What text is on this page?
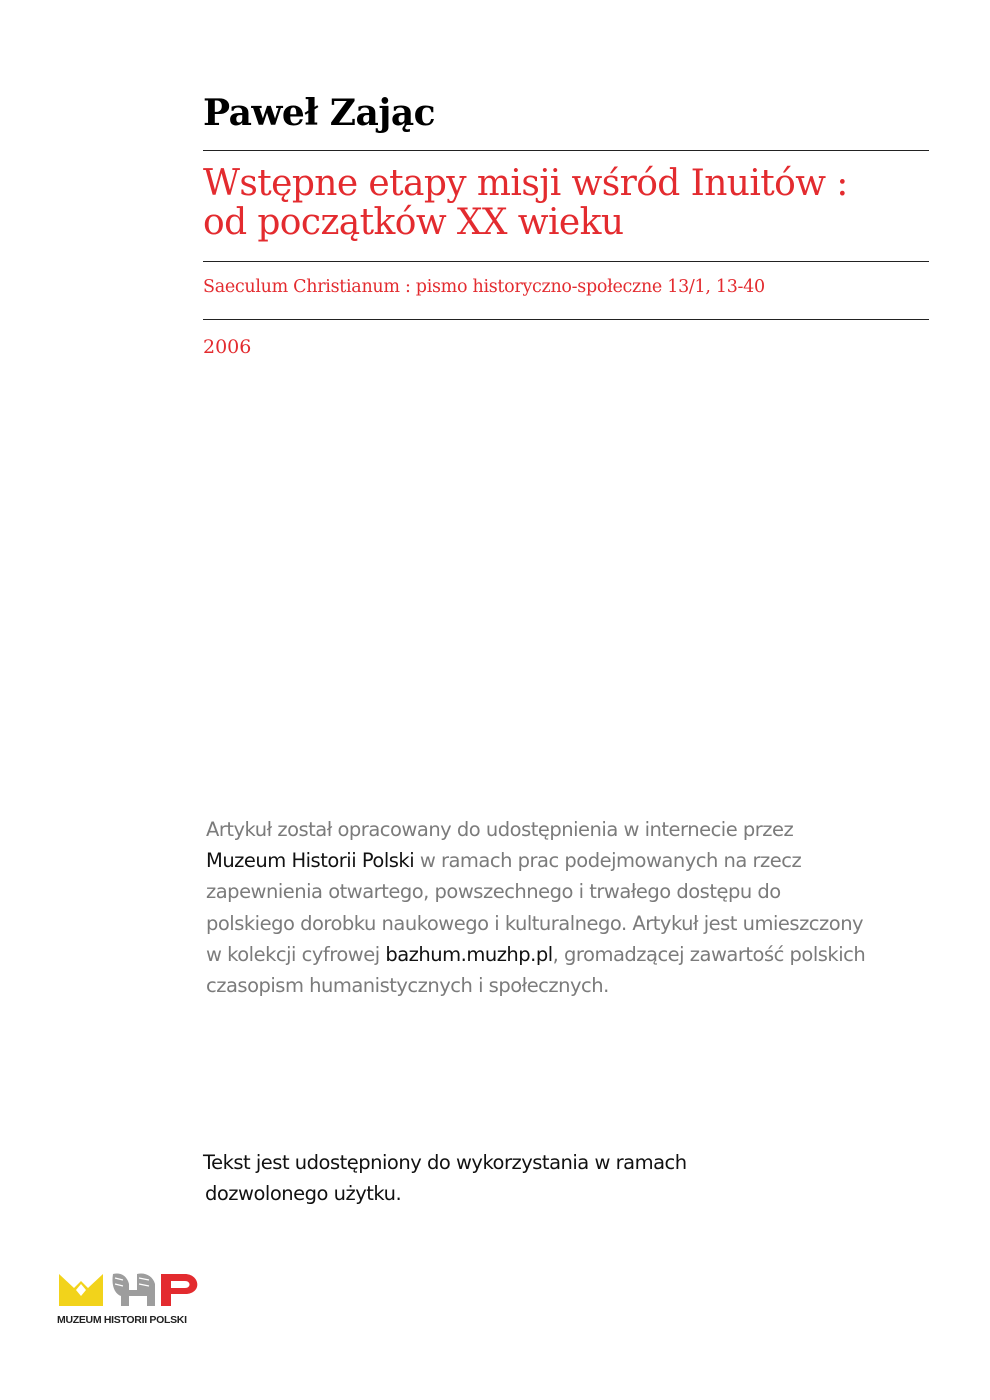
Paweł Zając
Wstępne etapy misji wśród Inuitów :
od początków XX wieku
Saeculum Christianum : pismo historyczno-społeczne 13/1, 13-40
2006
Artykuł został opracowany do udostępnienia w internecie przez
Muzeum Historii Polski w ramach prac podejmowanych na rzecz
zapewnienia otwartego, powszechnego i trwałego dostępu do
polskiego dorobku naukowego i kulturalnego. Artykuł jest umieszczony
w kolekcji cyfrowej bazhum.muzhp.pl, gromadzącej zawartość polskich
czasopism humanistycznych i społecznych.
Tekst jest udostępniony do wykorzystania w ramach
dozwolonego użytku.
MUZEUM HISTORII POLSKI
